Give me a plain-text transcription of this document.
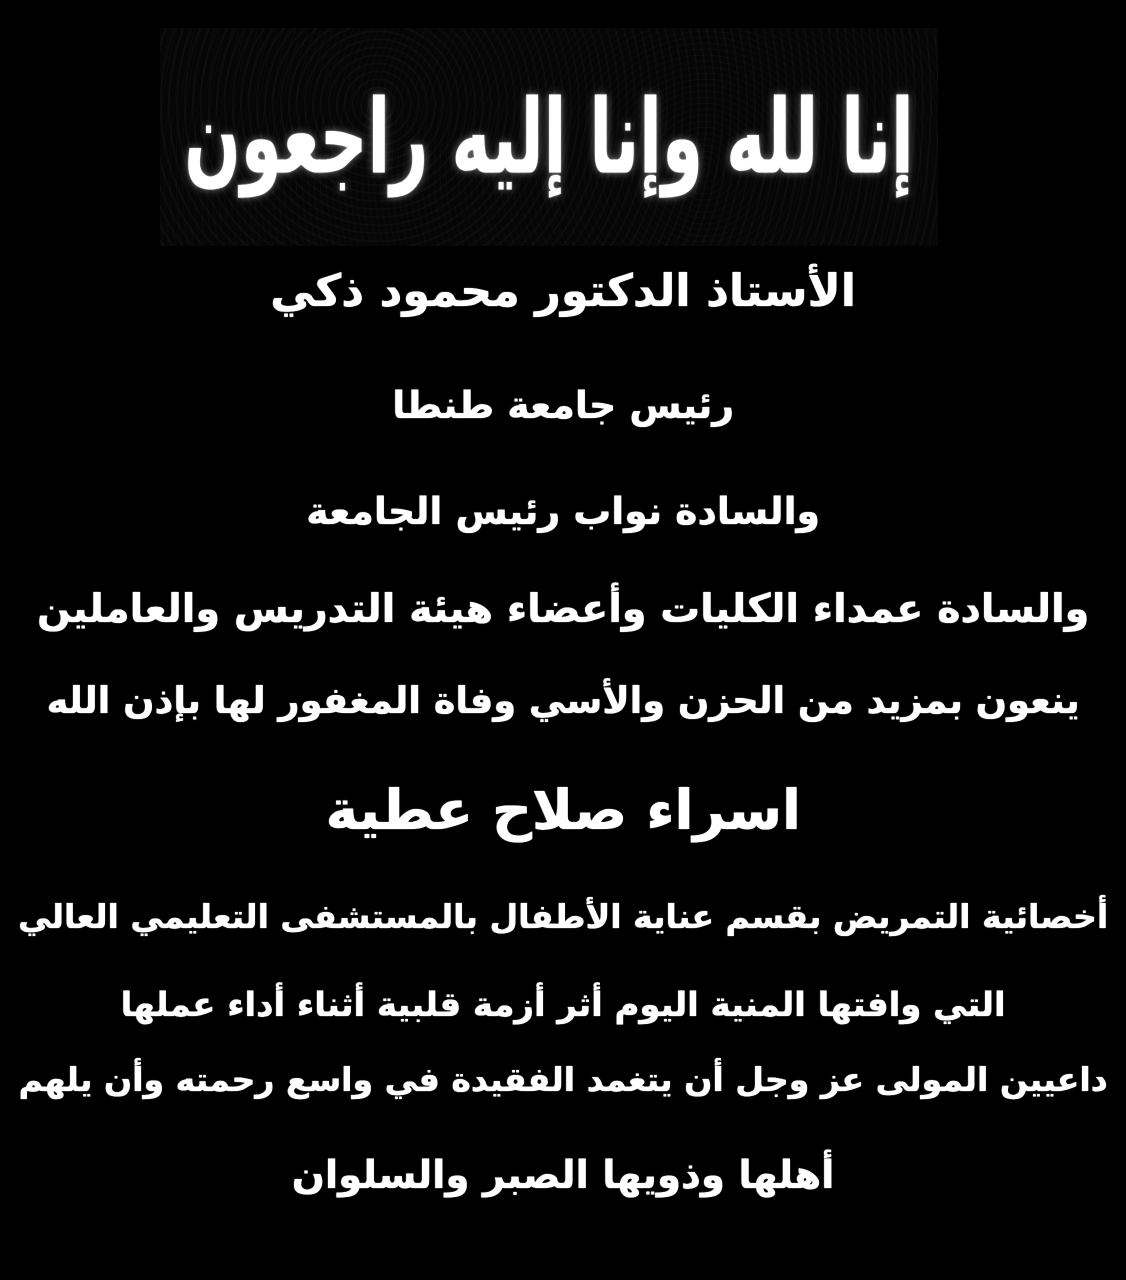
إنا لله وإنا إليه راجعون
الأستاذ الدكتور محمود ذكي
رئيس جامعة طنطا
والسادة نواب رئيس الجامعة
والسادة عمداء الكليات وأعضاء هيئة التدريس والعاملين
ينعون بمزيد من الحزن والأسي وفاة المغفور لها بإذن الله
اسراء صلاح عطية
أخصائية التمريض بقسم عناية الأطفال بالمستشفى التعليمي العالي
التي وافتها المنية اليوم أثر أزمة قلبية أثناء أداء عملها
داعيين المولى عز وجل أن يتغمد الفقيدة في واسع رحمته وأن يلهم
أهلها وذويها الصبر والسلوان
